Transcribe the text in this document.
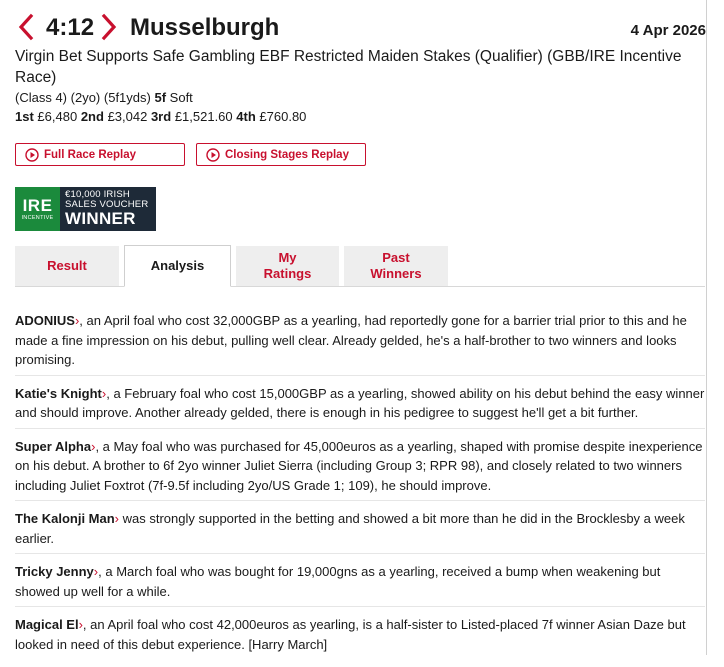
4:12 Musselburgh	4 Apr 2026
Virgin Bet Supports Safe Gambling EBF Restricted Maiden Stakes (Qualifier) (GBB/IRE Incentive Race)
(Class 4) (2yo) (5f1yds) 5f Soft
1st £6,480 2nd £3,042 3rd £1,521.60 4th £760.80
Full Race Replay	Closing Stages Replay
IRE
INCENTIVE
€10,000 IRISH
SALES VOUCHER
WINNER
Result	Analysis
My Ratings
Past Winners
ADONIUS›, an April foal who cost 32,000GBP as a yearling, had reportedly gone for a barrier trial prior to this and he made a fine impression on his debut, pulling well clear. Already gelded, he's a half-brother to two winners and looks promising.
Katie's Knight›, a February foal who cost 15,000GBP as a yearling, showed ability on his debut behind the easy winner and should improve. Another already gelded, there is enough in his pedigree to suggest he'll get a bit further.
Super Alpha›, a May foal who was purchased for 45,000euros as a yearling, shaped with promise despite inexperience on his debut. A brother to 6f 2yo winner Juliet Sierra (including Group 3; RPR 98), and closely related to two winners including Juliet Foxtrot (7f-9.5f including 2yo/US Grade 1; 109), he should improve.
The Kalonji Man› was strongly supported in the betting and showed a bit more than he did in the Brocklesby a week earlier.
Tricky Jenny›, a March foal who was bought for 19,000gns as a yearling, received a bump when weakening but showed up well for a while.
Magical El›, an April foal who cost 42,000euros as yearling, is a half-sister to Listed-placed 7f winner Asian Daze but looked in need of this debut experience. [Harry March]
